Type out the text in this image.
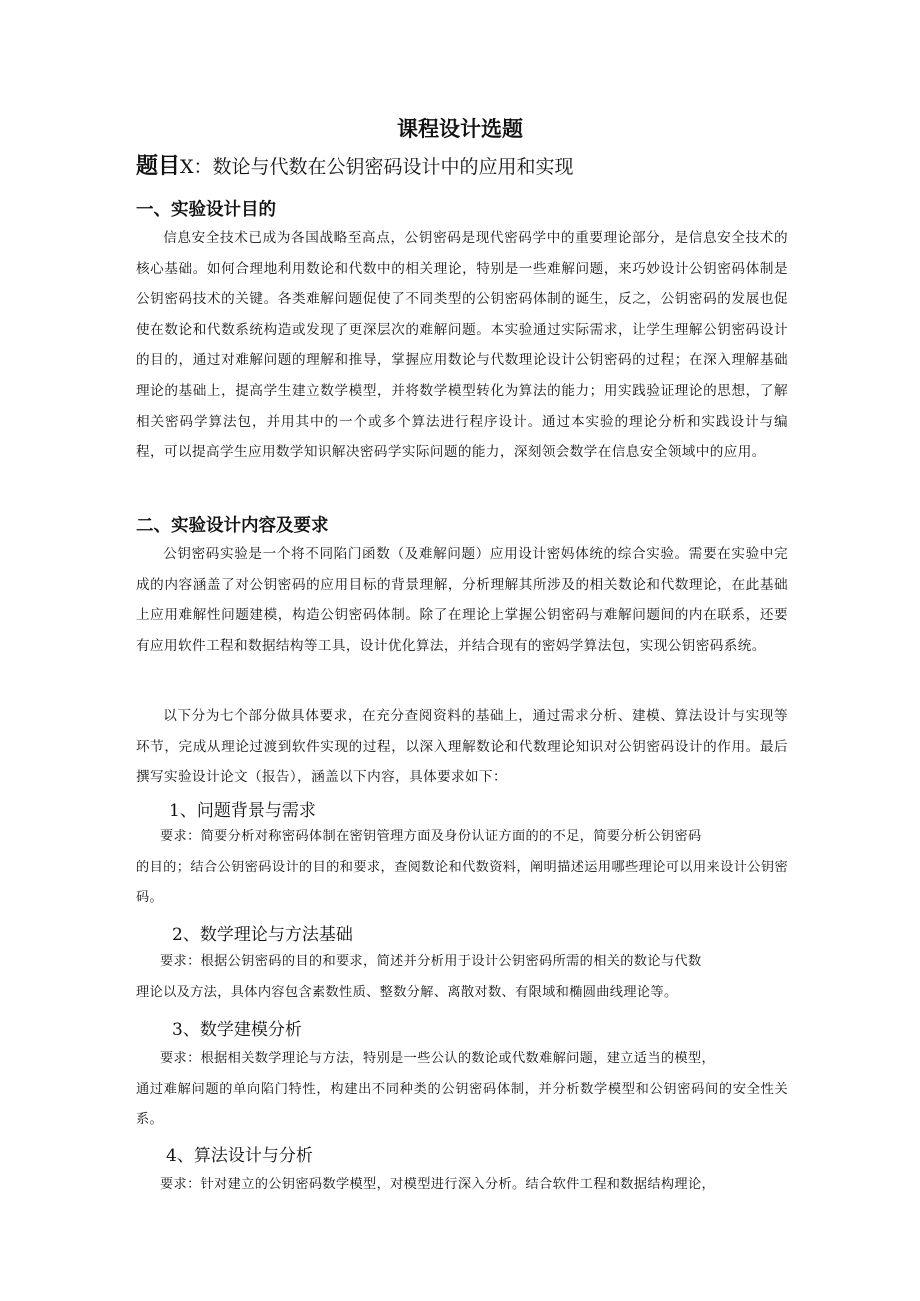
课程设计选题
题目X：数论与代数在公钥密码设计中的应用和实现
一、实验设计目的
信息安全技术已成为各国战略至高点，公钥密码是现代密码学中的重要理论部分，是信息安全技术的核心基础。如何合理地利用数论和代数中的相关理论，特别是一些难解问题，来巧妙设计公钥密码体制是公钥密码技术的关键。各类难解问题促使了不同类型的公钥密码体制的诞生，反之，公钥密码的发展也促使在数论和代数系统构造或发现了更深层次的难解问题。本实验通过实际需求，让学生理解公钥密码设计的目的，通过对难解问题的理解和推导，掌握应用数论与代数理论设计公钥密码的过程；在深入理解基础理论的基础上，提高学生建立数学模型，并将数学模型转化为算法的能力；用实践验证理论的思想，了解相关密码学算法包，并用其中的一个或多个算法进行程序设计。通过本实验的理论分析和实践设计与编程，可以提高学生应用数学知识解决密码学实际问题的能力，深刻领会数学在信息安全领域中的应用。
二、实验设计内容及要求
公钥密码实验是一个将不同陷门函数（及难解问题）应用设计密妈体统的综合实验。需要在实验中完成的内容涵盖了对公钥密码的应用目标的背景理解，分析理解其所涉及的相关数论和代数理论，在此基础上应用难解性问题建模，构造公钥密码体制。除了在理论上掌握公钥密码与难解问题间的内在联系，还要有应用软件工程和数据结构等工具，设计优化算法，并结合现有的密妈学算法包，实现公钥密码系统。
以下分为七个部分做具体要求，在充分查阅资料的基础上，通过需求分析、建模、算法设计与实现等环节，完成从理论过渡到软件实现的过程，以深入理解数论和代数理论知识对公钥密码设计的作用。最后撰写实验设计论文（报告），涵盖以下内容，具体要求如下：
1、问题背景与需求
要求：简要分析对称密码体制在密钥管理方面及身份认证方面的的不足，简要分析公钥密码
的目的；结合公钥密码设计的目的和要求，查阅数论和代数资料，阐明描述运用哪些理论可以用来设计公钥密码。
2、数学理论与方法基础
要求：根据公钥密码的目的和要求，简述并分析用于设计公钥密码所需的相关的数论与代数
理论以及方法，具体内容包含素数性质、整数分解、离散对数、有限域和椭圆曲线理论等。
3、数学建模分析
要求：根据相关数学理论与方法，特别是一些公认的数论或代数难解问题，建立适当的模型，
通过难解问题的单向陷门特性，构建出不同种类的公钥密码体制，并分析数学模型和公钥密码间的安全性关系。
4、算法设计与分析
要求：针对建立的公钥密码数学模型，对模型进行深入分析。结合软件工程和数据结构理论，
